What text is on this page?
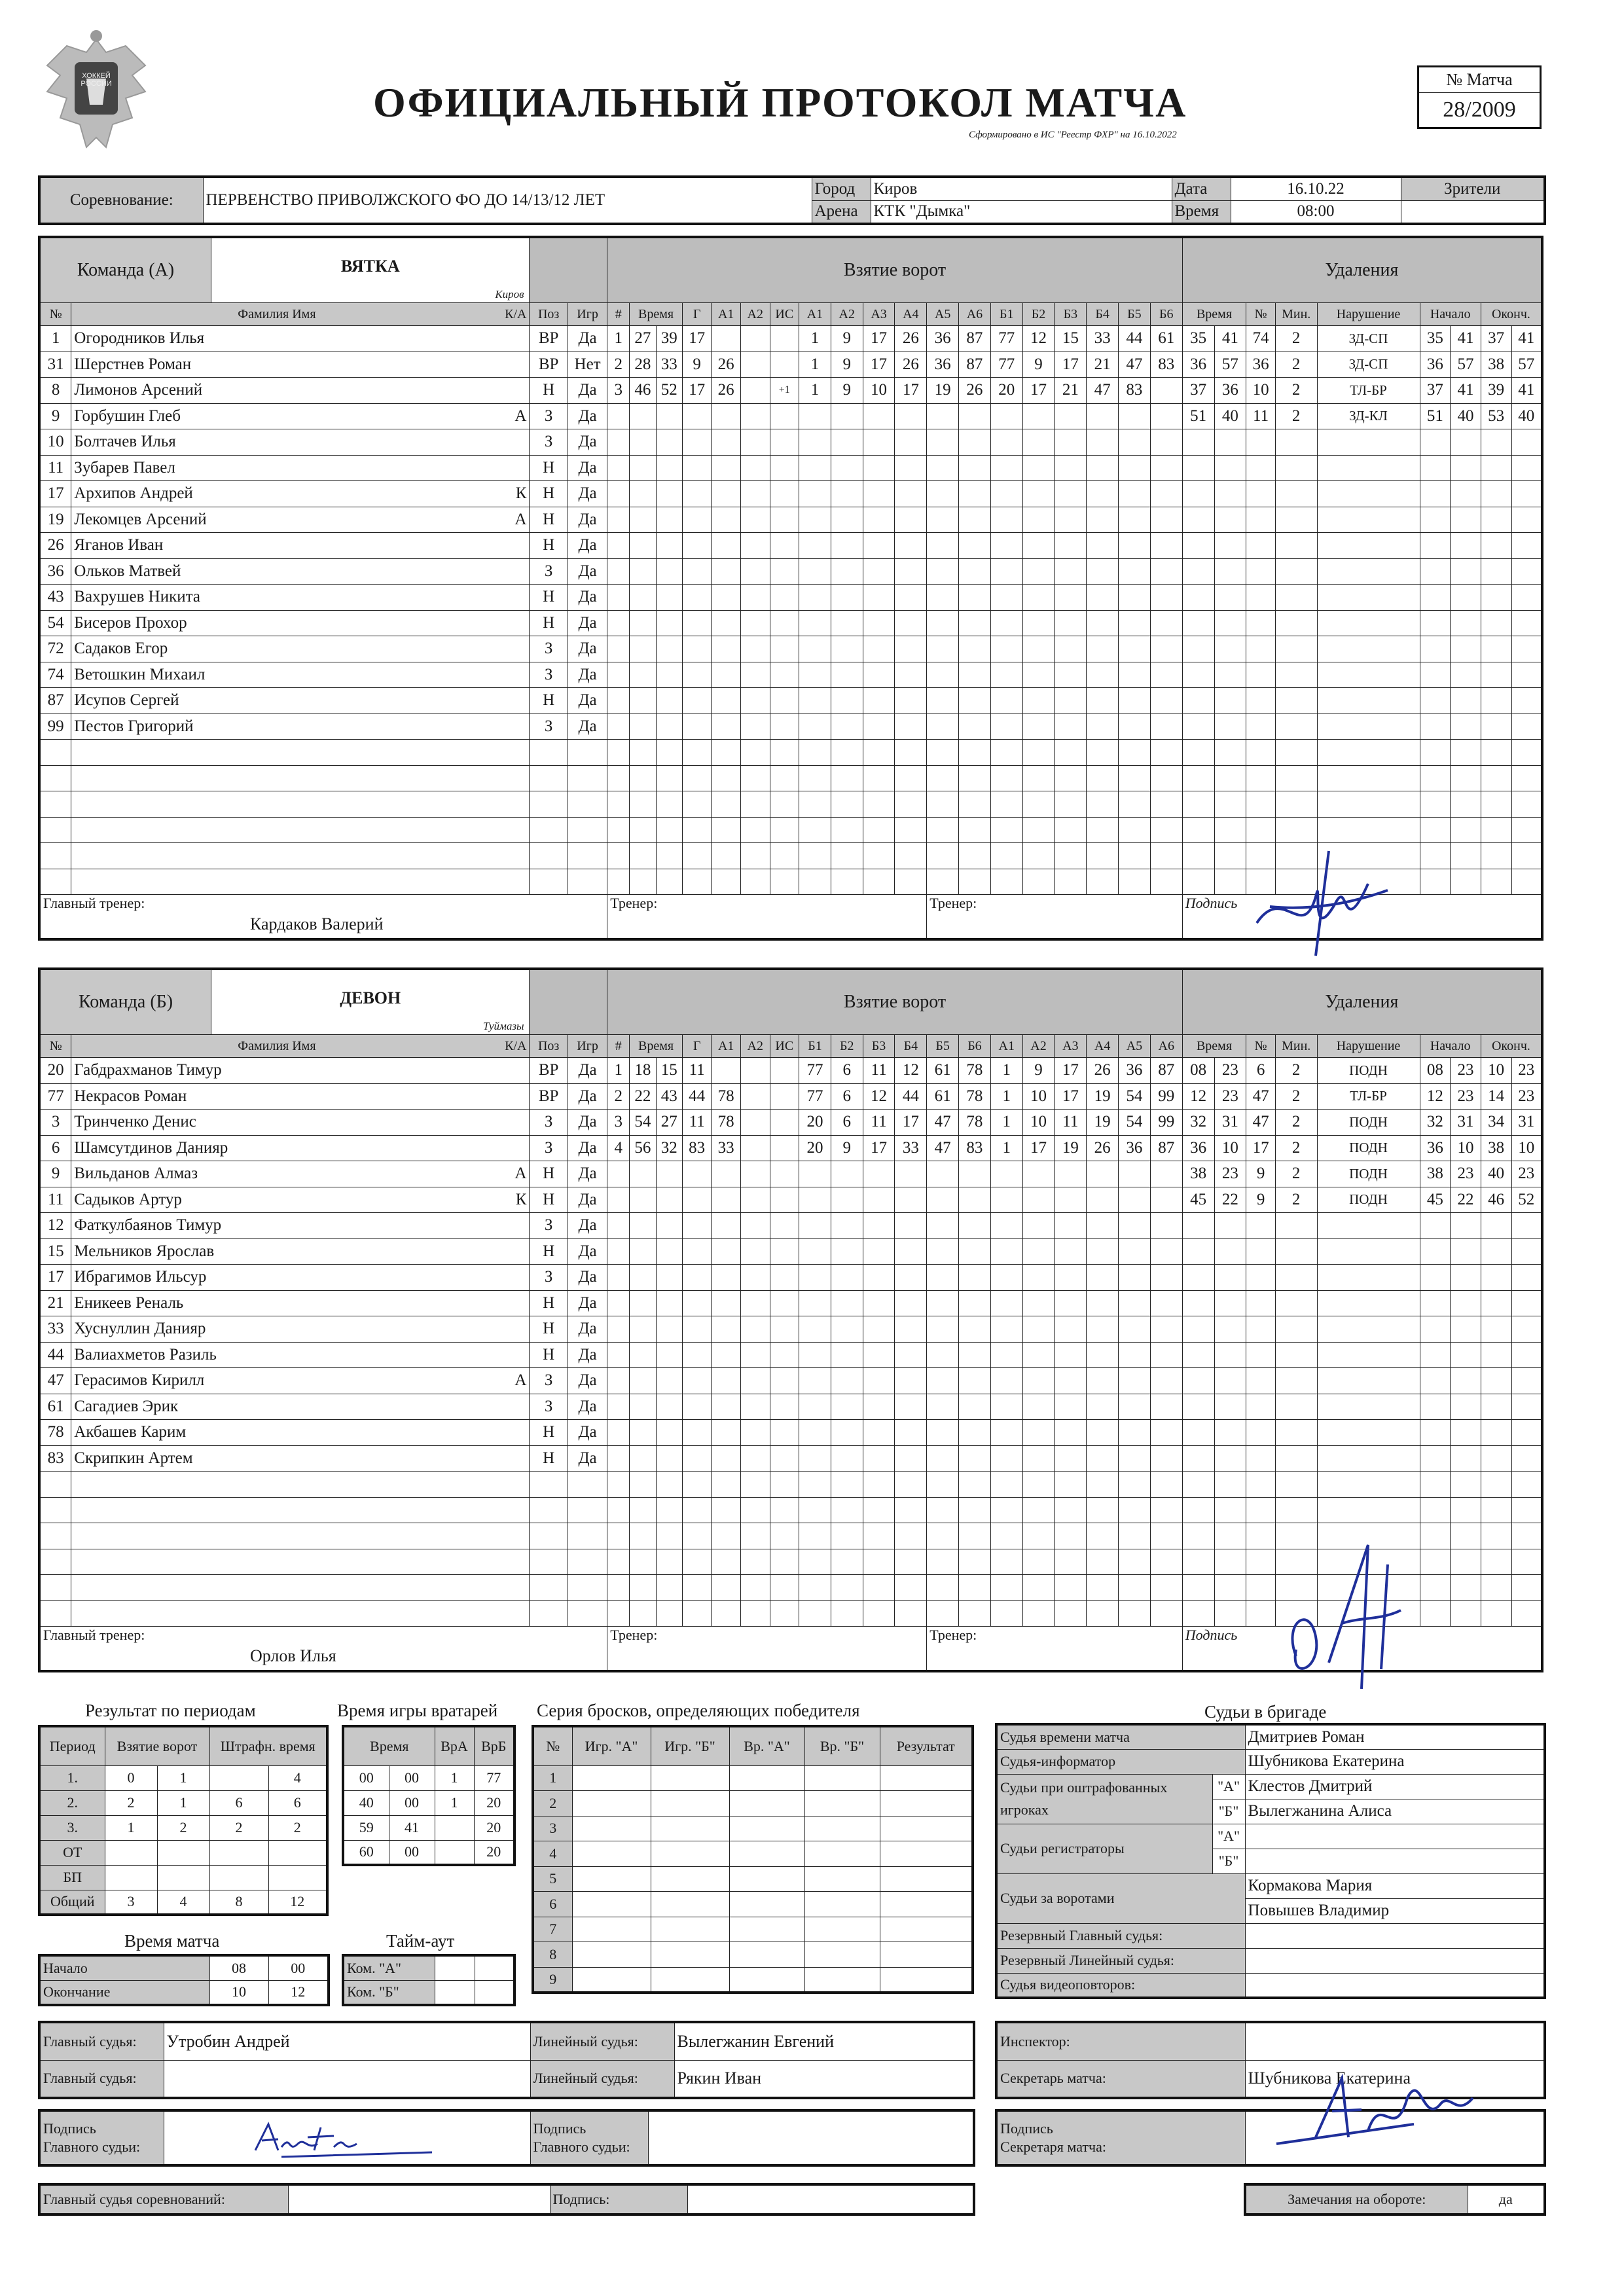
ХОККЕЙ РОССИИ	ОФИЦИАЛЬНЫЙ ПРОТОКОЛ МАТЧА
Сформировано в ИС "Реестр ФХР" на 16.10.2022
№ Матча
28/2009
Соревнование:	ПЕРВЕНСТВО ПРИВОЛЖСКОГО ФО ДО 14/13/12 ЛЕТ	Город	Киров	Дата	16.10.22	Зрители
		Арена	КТК "Дымка"	Время	08:00	
Команда (А) ВЯТКА
Киров				Взятие ворот																			Удаления								
№	Фамилия Имя К/А	Поз	Игр	#	Время		Г	А1	А2	ИС	А1	А2	А3	А4	А5	А6	Б1	Б2	Б3	Б4	Б5	Б6	Время		№	Мин.	Нарушение	Начало		Оконч.	
1	Огородников Илья	ВР	Да	1	27	39	17				1	9	17	26	36	87	77	12	15	33	44	61	35	41	74	2	ЗД-СП	35	41	37	41
31	Шерстнев Роман	ВР	Нет	2	28	33	9	26			1	9	17	26	36	87	77	9	17	21	47	83	36	57	36	2	ЗД-СП	36	57	38	57
8	Лимонов Арсений	Н	Да	3	46	52	17	26		+1	1	9	10	17	19	26	20	17	21	47	83		37	36	10	2	ТЛ-БР	37	41	39	41
9	Горбушин Глеб А	З	Да																				51	40	11	2	ЗД-КЛ	51	40	53	40
10	Болтачев Илья	З	Да																												
11	Зубарев Павел	Н	Да																												
17	Архипов Андрей К	Н	Да																												
19	Лекомцев Арсений А	Н	Да																												
26	Яганов Иван	Н	Да																												
36	Ольков Матвей	З	Да																												
43	Вахрушев Никита	Н	Да																												
54	Бисеров Прохор	Н	Да																												
72	Садаков Егор	З	Да																												
74	Ветошкин Михаил	З	Да																												
87	Исупов Сергей	Н	Да																												
99	Пестов Григорий	З	Да																												

Главный тренер:
Кардаков Валерий				Тренер:											Тренер:								Подпись								
Команда (Б) ДЕВОН
Туймазы				Взятие ворот																			Удаления								
№	Фамилия Имя К/А	Поз	Игр	#	Время		Г	А1	А2	ИС	Б1	Б2	Б3	Б4	Б5	Б6	А1	А2	А3	А4	А5	А6	Время		№	Мин.	Нарушение	Начало		Оконч.	
20	Габдрахманов Тимур	ВР	Да	1	18	15	11				77	6	11	12	61	78	1	9	17	26	36	87	08	23	6	2	ПОДН	08	23	10	23
77	Некрасов Роман	ВР	Да	2	22	43	44	78			77	6	12	44	61	78	1	10	17	19	54	99	12	23	47	2	ТЛ-БР	12	23	14	23
3	Тринченко Денис	З	Да	3	54	27	11	78			20	6	11	17	47	78	1	10	11	19	54	99	32	31	47	2	ПОДН	32	31	34	31
6	Шамсутдинов Данияр	З	Да	4	56	32	83	33			20	9	17	33	47	83	1	17	19	26	36	87	36	10	17	2	ПОДН	36	10	38	10
9	Вильданов Алмаз А	Н	Да																				38	23	9	2	ПОДН	38	23	40	23
11	Садыков Артур К	Н	Да																				45	22	9	2	ПОДН	45	22	46	52
12	Фаткулбаянов Тимур	З	Да																												
15	Мельников Ярослав	Н	Да																												
17	Ибрагимов Ильсур	З	Да																												
21	Еникеев Реналь	Н	Да																												
33	Хуснуллин Данияр	Н	Да																												
44	Валиахметов Разиль	Н	Да																												
47	Герасимов Кирилл А	З	Да																												
61	Сагадиев Эрик	З	Да																												
78	Акбашев Карим	Н	Да																												
83	Скрипкин Артем	Н	Да																												

Главный тренер:
Орлов Илья				Тренер:											Тренер:								Подпись								
Результат по периодам
Период	Взятие ворот		Штрафн. время	
1.	0	1		4
2.	2	1	6	6
3.	1	2	2	2
ОТ				
БП				
Общий	3	4	8	12
Время матча
Начало	08	00
Окончание	10	12
Время игры вратарей
Время		ВрА	ВрБ
00	00	1	77
40	00	1	20
59	41		20
60	00		20
Тайм-аут
Ком. "А"		
Ком. "Б"		
Серия бросков, определяющих победителя
№	Игр. "А"	Игр. "Б"	Вр. "А"	Вр. "Б"	Результат
1					
2					
3					
4					
5					
6					
7					
8					
9					
Судьи в бригаде
Судья времени матча		Дмитриев Роман
Судья-информатор		Шубникова Екатерина
Судьи при оштрафованных игроках	"А"	Клестов Дмитрий
	"Б"	Вылегжанина Алиса
Судьи регистраторы	"А"	
	"Б"	
Судьи за воротами		Кормакова Мария
		Повышев Владимир
Резервный Главный судья:		
Резервный Линейный судья:		
Судья видеоповторов:		
Главный судья:	Утробин Андрей	Линейный судья:	Вылегжанин Евгений
Главный судья:		Линейный судья:	Рякин Иван
Инспектор:	
Секретарь матча:	Шубникова Екатерина
Подпись
Главного судьи:		Подпись
Главного судьи:	
Подпись
Секретаря матча:	
Главный судья соревнований:		Подпись:		Замечания на обороте:	да
